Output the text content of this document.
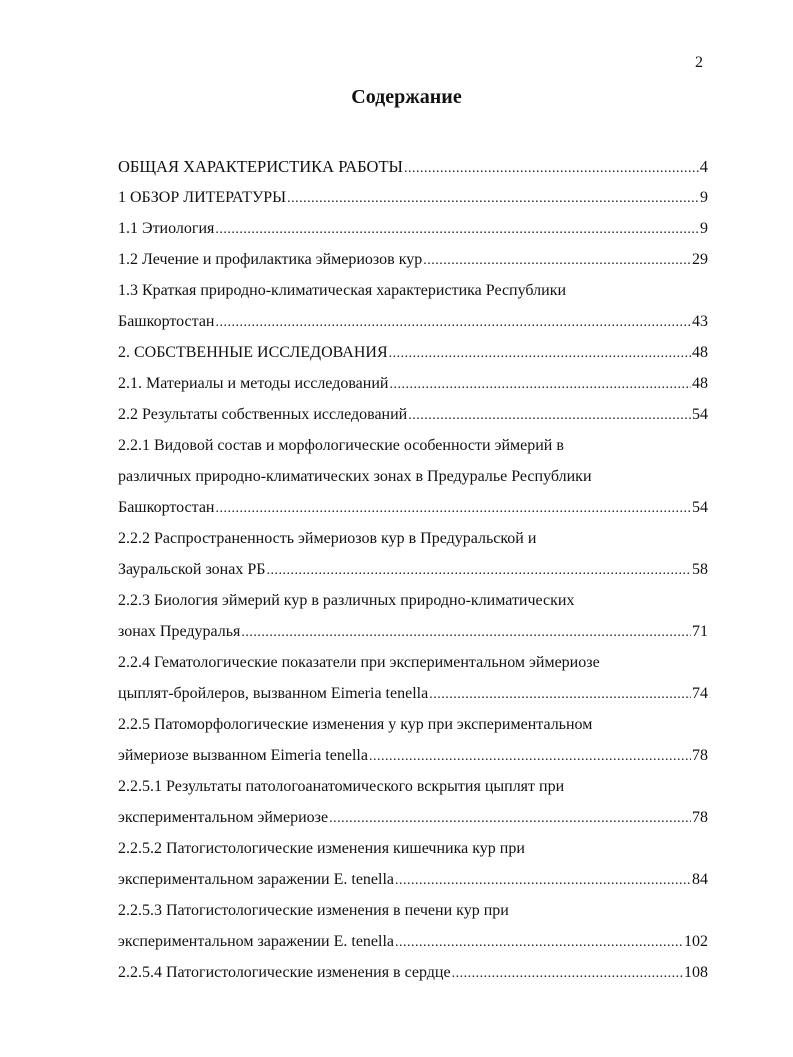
2
Содержание
ОБЩАЯ ХАРАКТЕРИСТИКА РАБОТЫ .....	4
1 ОБЗОР ЛИТЕРАТУРЫ .....	9
1.1 Этиология .....	9
1.2 Лечение и профилактика эймериозов кур .....	29
1.3 Краткая природно-климатическая характеристика Республики
Башкортостан .....	43
2. СОБСТВЕННЫЕ ИССЛЕДОВАНИЯ .....	48
2.1. Материалы и методы исследований .....	48
2.2 Результаты собственных исследований .....	54
2.2.1 Видовой состав и морфологические особенности эймерий в
различных природно-климатических зонах в Предуралье Республики
Башкортостан .....	54
2.2.2 Распространенность эймериозов кур в Предуральской и
Зауральской зонах РБ .....	58
2.2.3 Биология эймерий кур в различных природно-климатических
зонах Предуралья .....	71
2.2.4 Гематологические показатели при экспериментальном эймериозе
цыплят-бройлеров, вызванном Eimeria tenella .....	74
2.2.5 Патоморфологические изменения у кур при экспериментальном
эймериозе вызванном Eimeria tenella .....	78
2.2.5.1 Результаты патологоанатомического вскрытия цыплят при
экспериментальном эймериозе .....	78
2.2.5.2 Патогистологические изменения кишечника кур при
экспериментальном заражении E. tenella .....	84
2.2.5.3 Патогистологические изменения в печени кур при
экспериментальном заражении E. tenella .....	102
2.2.5.4 Патогистологические изменения в сердце .....	108
